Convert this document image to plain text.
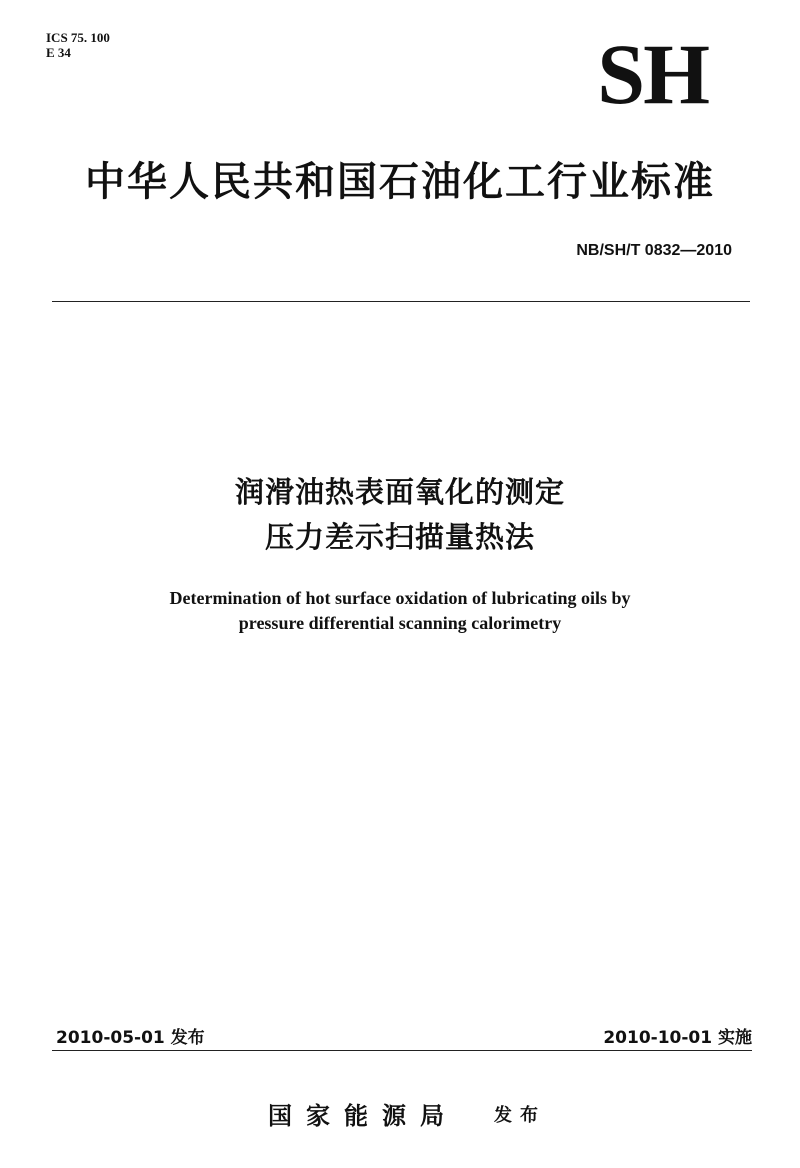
ICS 75. 100
E 34	SH
中华人民共和国石油化工行业标准
NB/SH/T 0832—2010
润滑油热表面氧化的测定
压力差示扫描量热法
Determination of hot surface oxidation of lubricating oils by
pressure differential scanning calorimetry
2010-05-01 发布	2010-10-01 实施
国家能源局 发布
